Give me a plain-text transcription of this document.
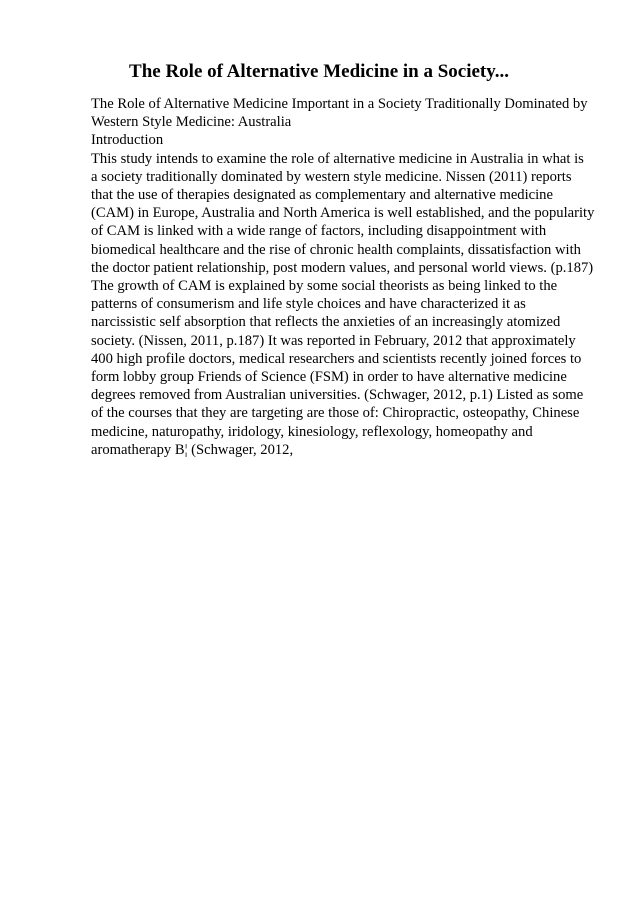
The Role of Alternative Medicine in a Society...
The Role of Alternative Medicine Important in a Society Traditionally Dominated by
Western Style Medicine: Australia
Introduction
This study intends to examine the role of alternative medicine in Australia in what is
a society traditionally dominated by western style medicine. Nissen (2011) reports
that the use of therapies designated as complementary and alternative medicine
(CAM) in Europe, Australia and North America is well established, and the popularity
of CAM is linked with a wide range of factors, including disappointment with
biomedical healthcare and the rise of chronic health complaints, dissatisfaction with
the doctor patient relationship, post modern values, and personal world views. (p.187)
The growth of CAM is explained by some social theorists as being linked to the
patterns of consumerism and life style choices and have characterized it as
narcissistic self absorption that reflects the anxieties of an increasingly atomized
society. (Nissen, 2011, p.187) It was reported in February, 2012 that approximately
400 high profile doctors, medical researchers and scientists recently joined forces to
form lobby group Friends of Science (FSM) in order to have alternative medicine
degrees removed from Australian universities. (Schwager, 2012, p.1) Listed as some
of the courses that they are targeting are those of: Chiropractic, osteopathy, Chinese
medicine, naturopathy, iridology, kinesiology, reflexology, homeopathy and
aromatherapy В¦ (Schwager, 2012,
